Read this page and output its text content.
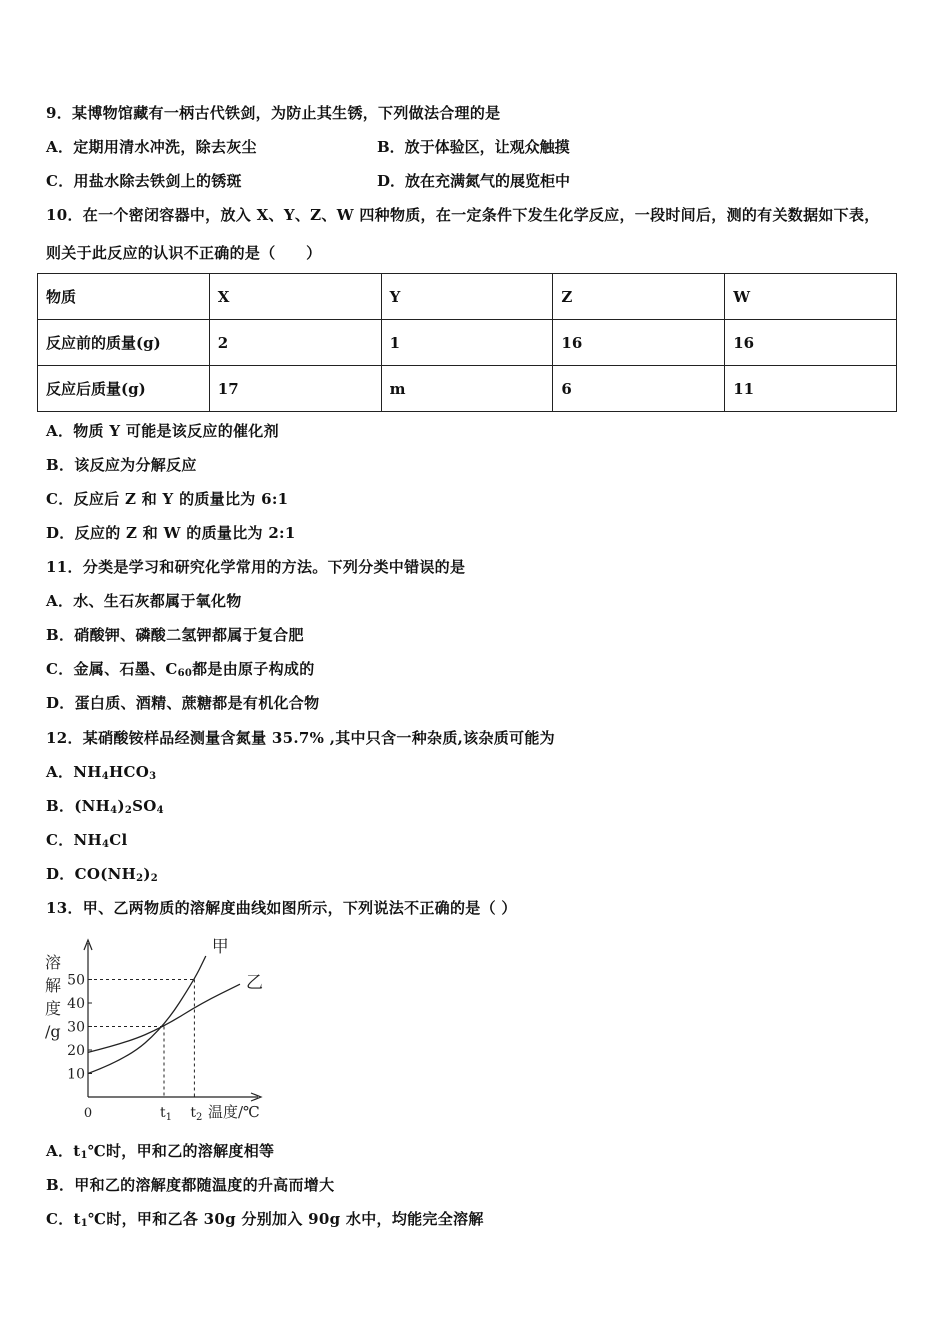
9．某博物馆藏有一柄古代铁剑，为防止其生锈，下列做法合理的是
A．定期用清水冲洗，除去灰尘	B．放于体验区，让观众触摸
C．用盐水除去铁剑上的锈斑	D．放在充满氮气的展览柜中
10．在一个密闭容器中，放入 X、Y、Z、W 四种物质，在一定条件下发生化学反应，一段时间后，测的有关数据如下表，
则关于此反应的认识不正确的是（　　）
物质	X	Y	Z	W
反应前的质量(g)	2	1	16	16
反应后质量(g)	17	m	6	11
A．物质 Y 可能是该反应的催化剂
B．该反应为分解反应
C．反应后 Z 和 Y 的质量比为 6:1
D．反应的 Z 和 W 的质量比为 2:1
11．分类是学习和研究化学常用的方法。下列分类中错误的是
A．水、生石灰都属于氧化物
B．硝酸钾、磷酸二氢钾都属于复合肥
C．金属、石墨、$C_{60}$都是由原子构成的
D．蛋白质、酒精、蔗糖都是有机化合物
12．某硝酸铵样品经测量含氮量 35.7% ,其中只含一种杂质,该杂质可能为
A．$NH_4HCO_3$
B．$(NH_4)_2SO_4$
C．$NH_4Cl$
D．$CO(NH_2)_2$
13．甲、乙两物质的溶解度曲线如图所示，下列说法不正确的是（ ）
10
20
30
40
50
0	$t_1$ $t_2$ 温度/℃
溶
解
度
/g
甲
乙
A．$t_1℃$时，甲和乙的溶解度相等
B．甲和乙的溶解度都随温度的升高而增大
C．$t_1℃$时，甲和乙各 30g 分别加入 90g 水中，均能完全溶解
